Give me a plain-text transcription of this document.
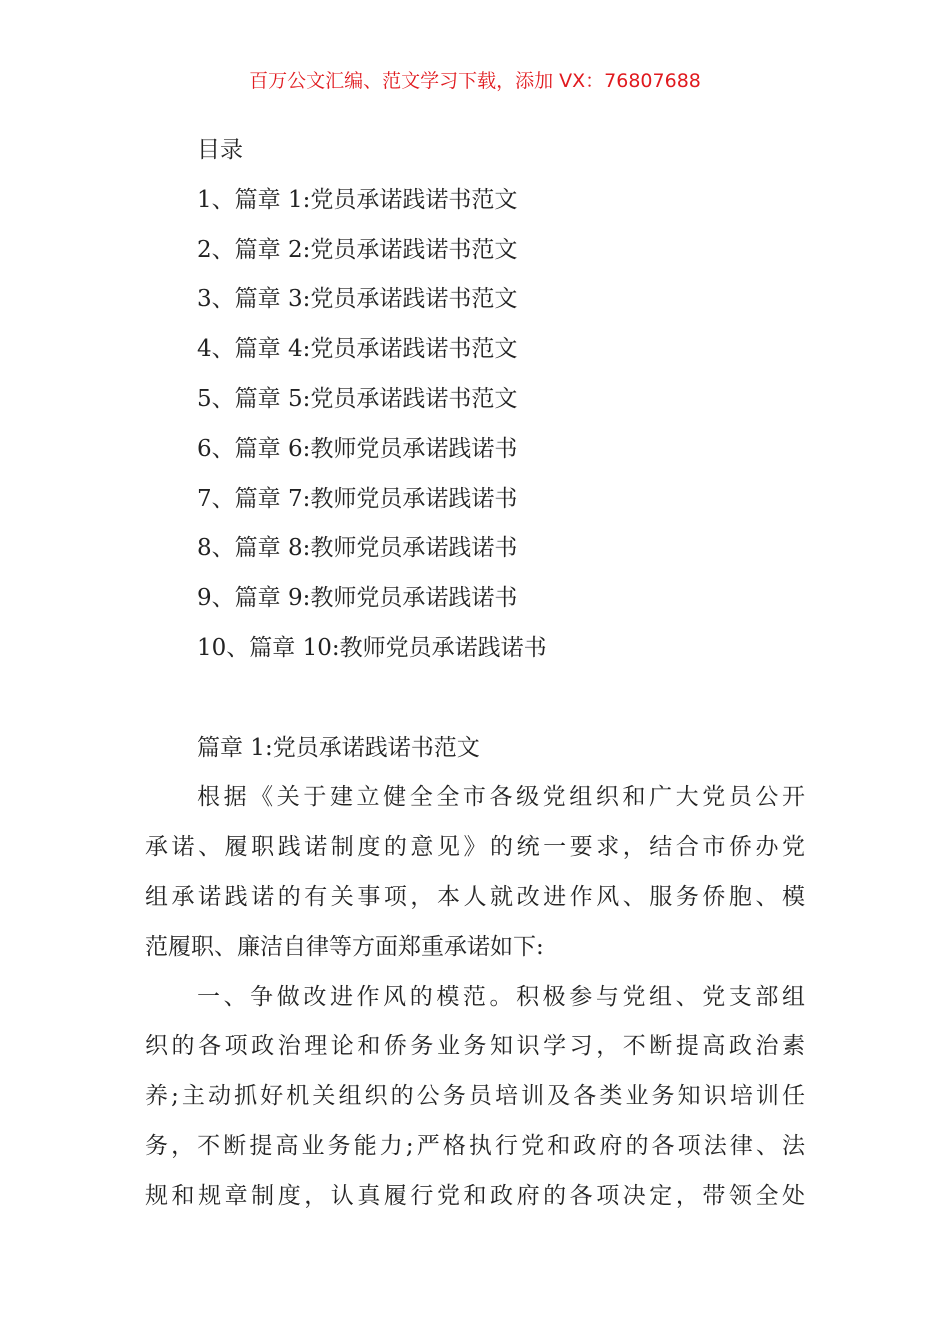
百万公文汇编、范文学习下载，添加 VX：76807688
目录
1、篇章 1:党员承诺践诺书范文
2、篇章 2:党员承诺践诺书范文
3、篇章 3:党员承诺践诺书范文
4、篇章 4:党员承诺践诺书范文
5、篇章 5:党员承诺践诺书范文
6、篇章 6:教师党员承诺践诺书
7、篇章 7:教师党员承诺践诺书
8、篇章 8:教师党员承诺践诺书
9、篇章 9:教师党员承诺践诺书
10、篇章 10:教师党员承诺践诺书
篇章 1:党员承诺践诺书范文
根据《关于建立健全全市各级党组织和广大党员公开
承诺、履职践诺制度的意见》的统一要求，结合市侨办党
组承诺践诺的有关事项，本人就改进作风、服务侨胞、模
范履职、廉洁自律等方面郑重承诺如下:
一、争做改进作风的模范。积极参与党组、党支部组
织的各项政治理论和侨务业务知识学习，不断提高政治素
养;主动抓好机关组织的公务员培训及各类业务知识培训任
务，不断提高业务能力;严格执行党和政府的各项法律、法
规和规章制度，认真履行党和政府的各项决定，带领全处
